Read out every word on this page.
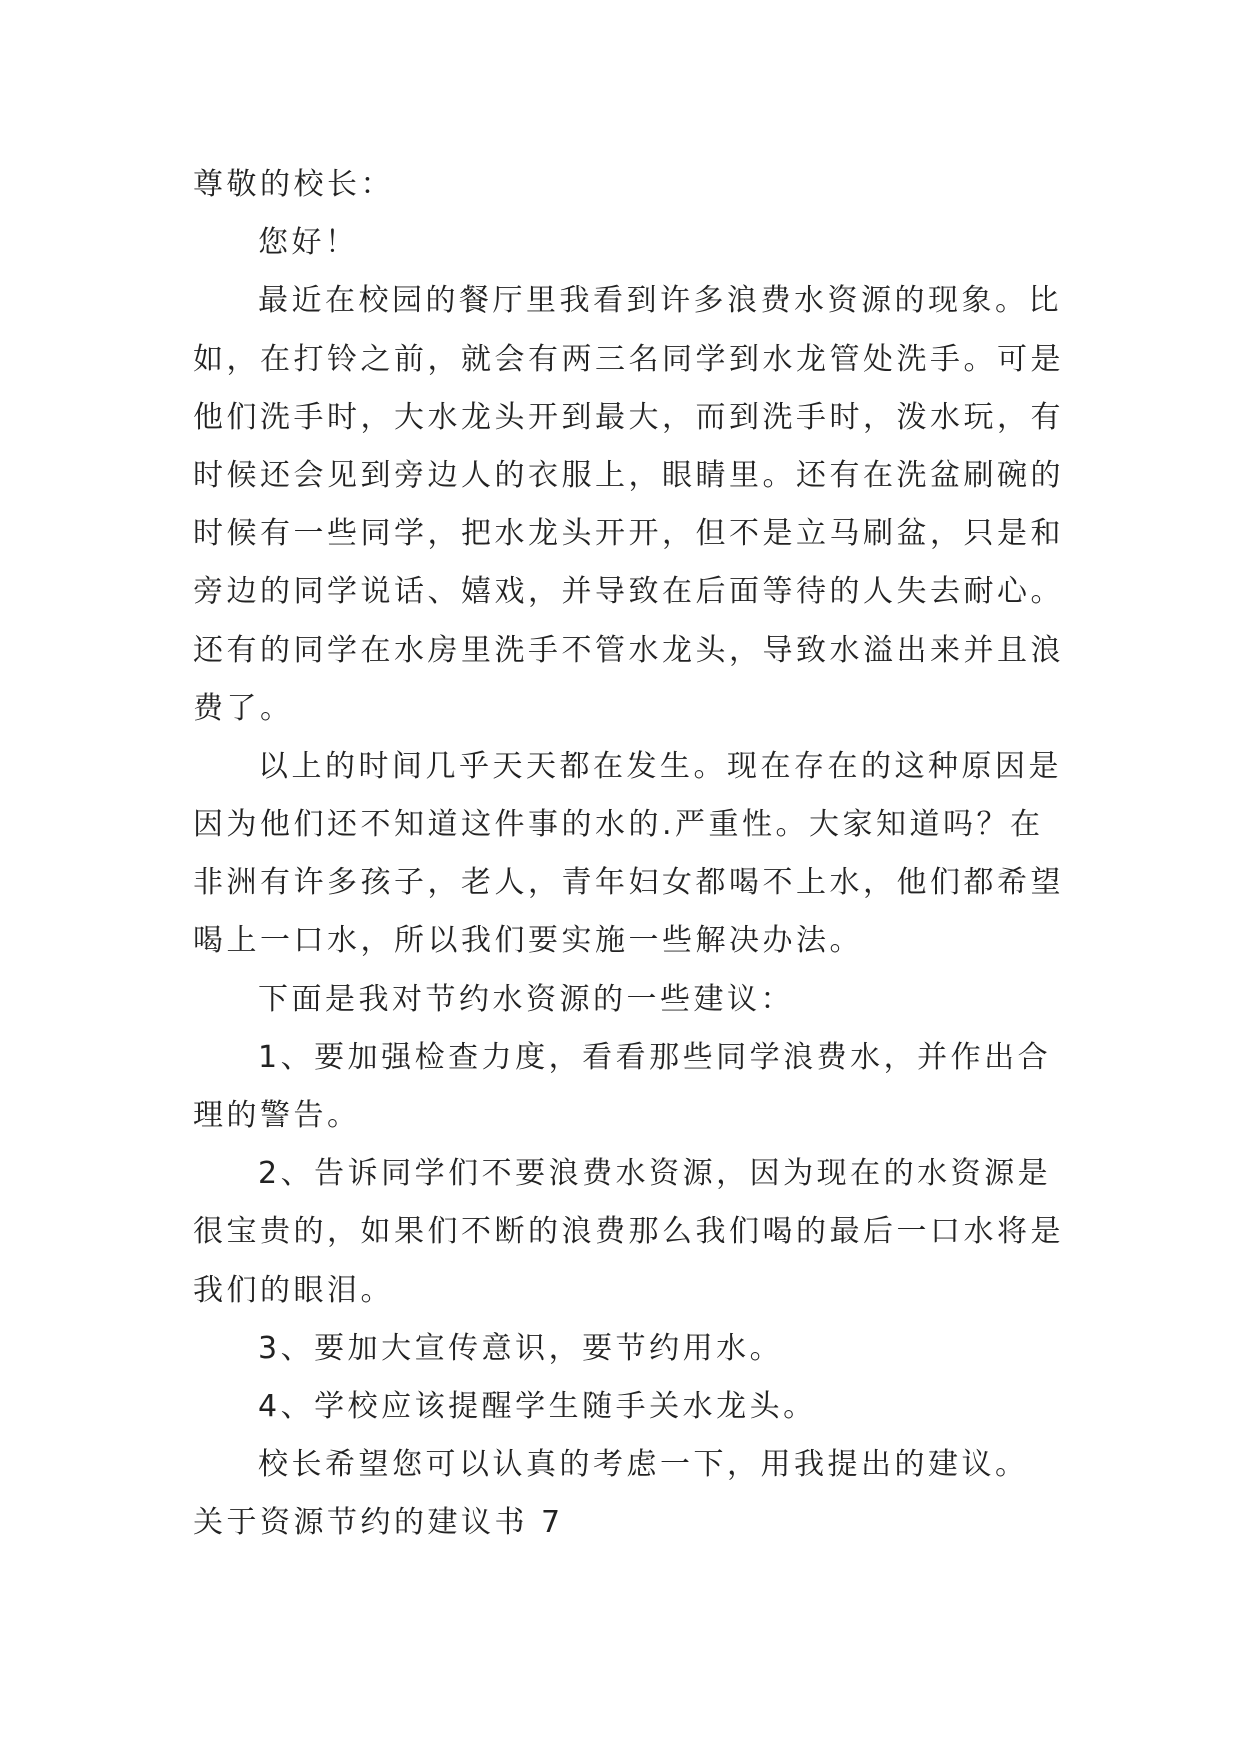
尊敬的校长：
您好！
最近在校园的餐厅里我看到许多浪费水资源的现象。比
如，在打铃之前，就会有两三名同学到水龙管处洗手。可是
他们洗手时，大水龙头开到最大，而到洗手时，泼水玩，有
时候还会见到旁边人的衣服上，眼睛里。还有在洗盆刷碗的
时候有一些同学，把水龙头开开，但不是立马刷盆，只是和
旁边的同学说话、嬉戏，并导致在后面等待的人失去耐心。
还有的同学在水房里洗手不管水龙头，导致水溢出来并且浪
费了。
以上的时间几乎天天都在发生。现在存在的这种原因是
因为他们还不知道这件事的水的.严重性。大家知道吗？在
非洲有许多孩子，老人，青年妇女都喝不上水，他们都希望
喝上一口水，所以我们要实施一些解决办法。
下面是我对节约水资源的一些建议：
1、要加强检查力度，看看那些同学浪费水，并作出合
理的警告。
2、告诉同学们不要浪费水资源，因为现在的水资源是
很宝贵的，如果们不断的浪费那么我们喝的最后一口水将是
我们的眼泪。
3、要加大宣传意识，要节约用水。
4、学校应该提醒学生随手关水龙头。
校长希望您可以认真的考虑一下，用我提出的建议。
关于资源节约的建议书 7
